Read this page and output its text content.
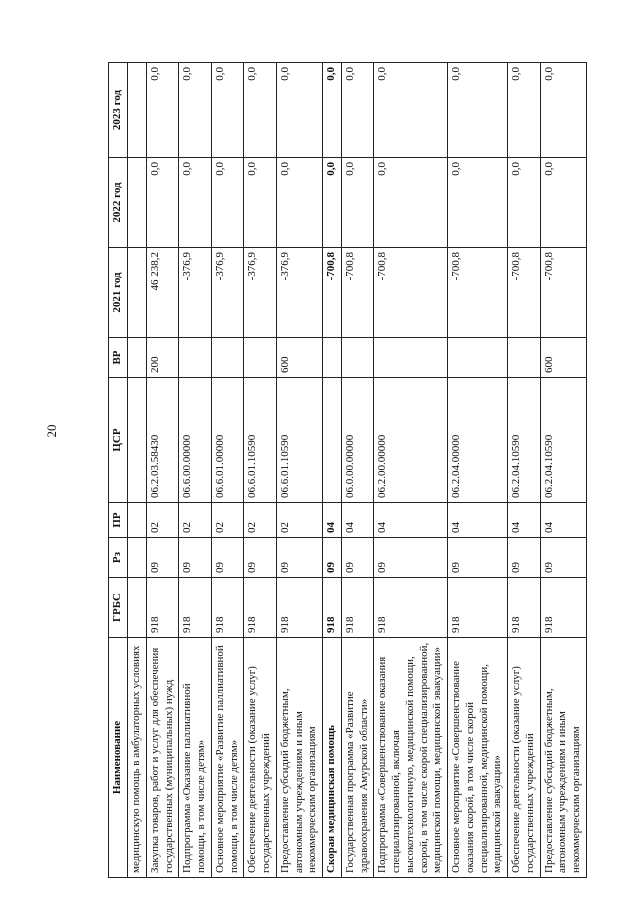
20
Наименование	ГРБС	Рз	ПР	ЦСР	ВР	2021 год	2022 год	2023 год
медицинскую помощь в амбулаторных условиях								
Закупка товаров, работ и услуг для обеспечения государственных (муниципальных) нужд	918	09	02	06.2.03.58430	200	46 238,2	0,0	0,0
Подпрограмма «Оказание паллиативной помощи, в том числе детям»	918	09	02	06.6.00.00000		-376,9	0,0	0,0
Основное мероприятие «Развитие паллиативной помощи, в том числе детям»	918	09	02	06.6.01.00000		-376,9	0,0	0,0
Обеспечение деятельности (оказание услуг) государственных учреждений	918	09	02	06.6.01.10590		-376,9	0,0	0,0
Предоставление субсидий бюджетным, автономным учреждениям и иным некоммерческим организациям	918	09	02	06.6.01.10590	600	-376,9	0,0	0,0
Скорая медицинская помощь	918	09	04			-700,8	0,0	0,0
Государственная программа «Развитие здравоохранения Амурской области»	918	09	04	06.0.00.00000		-700,8	0,0	0,0
Подпрограмма «Совершенствование оказания специализированной, включая высокотехнологичную, медицинской помощи, скорой, в том числе скорой специализированной, медицинской помощи, медицинской эвакуации»	918	09	04	06.2.00.00000		-700,8	0,0	0,0
Основное мероприятие «Совершенствование оказания скорой, в том числе скорой специализированной, медицинской помощи, медицинской эвакуации»	918	09	04	06.2.04.00000		-700,8	0,0	0,0
Обеспечение деятельности (оказание услуг) государственных учреждений	918	09	04	06.2.04.10590		-700,8	0,0	0,0
Предоставление субсидий бюджетным, автономным учреждениям и иным некоммерческим организациям	918	09	04	06.2.04.10590	600	-700,8	0,0	0,0
